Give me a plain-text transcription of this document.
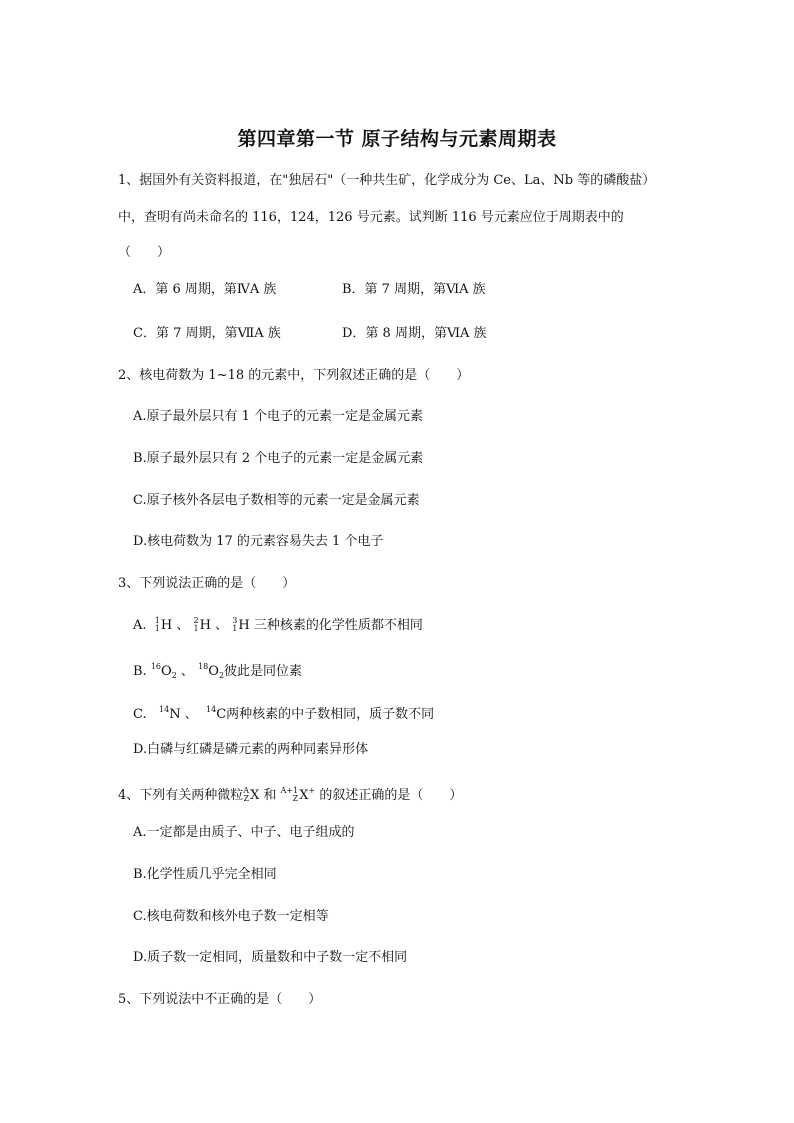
第四章第一节 原子结构与元素周期表
1、据国外有关资料报道，在"独居石"（一种共生矿，化学成分为 Ce、La、Nb 等的磷酸盐）
中，查明有尚未命名的 116，124，126 号元素。试判断 116 号元素应位于周期表中的
（　　）
A．第 6 周期，第ⅣA 族	B．第 7 周期，第ⅥA 族
C．第 7 周期，第ⅦA 族	D．第 8 周期，第ⅥA 族
2、核电荷数为 1~18 的元素中，下列叙述正确的是（　　）
A.原子最外层只有 1 个电子的元素一定是金属元素
B.原子最外层只有 2 个电子的元素一定是金属元素
C.原子核外各层电子数相等的元素一定是金属元素
D.核电荷数为 17 的元素容易失去 1 个电子
3、下列说法正确的是（　　）
A. 1
1 H 、 2
1 H 、 3
1 H 三种核素的化学性质都不相同
B. $^{16}O_2$ 、 $^{18}O_2$彼此是同位素
C. $^{14}$N 、 $^{14}$C两种核素的中子数相同，质子数不同
D.白磷与红磷是磷元素的两种同素异形体
4、下列有关两种微粒 A
Z X 和 A+1
Z X+ 的叙述正确的是（　　）
A.一定都是由质子、中子、电子组成的
B.化学性质几乎完全相同
C.核电荷数和核外电子数一定相等
D.质子数一定相同，质量数和中子数一定不相同
5、下列说法中不正确的是（　　）
